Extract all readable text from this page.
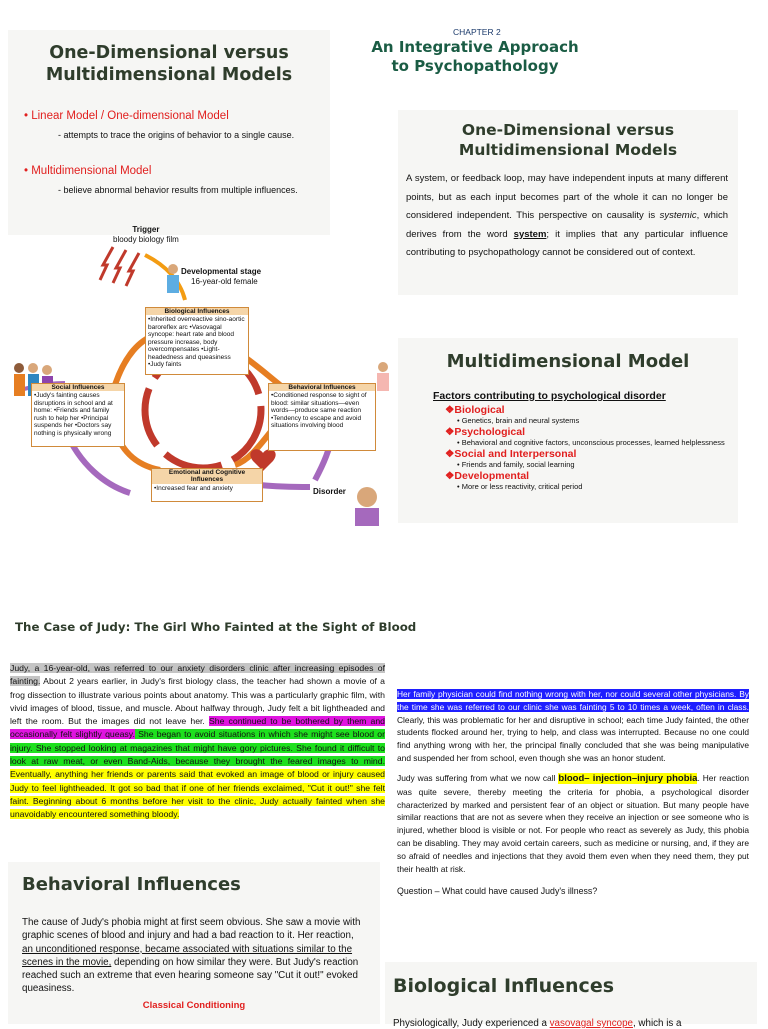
One-Dimensional versus
Multidimensional Models
• Linear Model / One-dimensional Model
- attempts to trace the origins of behavior to a single cause.
• Multidimensional Model
- believe abnormal behavior results from multiple influences.
CHAPTER 2
An Integrative Approach
to Psychopathology
One-Dimensional versus
Multidimensional Models
A system, or feedback loop, may have independent inputs at many different points, but as each input becomes part of the whole it can no longer be considered independent. This perspective on causality is systemic, which derives from the word system; it implies that any particular influence contributing to psychopathology cannot be considered out of context.
Trigger
bloody biology film
Developmental stage
16-year-old female
Biological Influences
•Inherited overreactive sino-aortic baroreflex arc •Vasovagal syncope: heart rate and blood pressure increase, body overcompensates •Light-headedness and queasiness •Judy faints
Social Influences
•Judy's fainting causes disruptions in school and at home: •Friends and family rush to help her •Principal suspends her •Doctors say nothing is physically wrong
Behavioral Influences
•Conditioned response to sight of blood: similar situations—even words—produce same reaction •Tendency to escape and avoid situations involving blood
Emotional and Cognitive Influences
•Increased fear and anxiety	Disorder
Multidimensional Model
Factors contributing to psychological disorder
❖Biological
• Genetics, brain and neural systems
❖Psychological
• Behavioral and cognitive factors, unconscious processes, learned helplessness
❖Social and Interpersonal
• Friends and family, social learning
❖Developmental
• More or less reactivity, critical period
The Case of Judy: The Girl Who Fainted at the Sight of Blood
Judy, a 16-year-old, was referred to our anxiety disorders clinic after increasing episodes of fainting. About 2 years earlier, in Judy's first biology class, the teacher had shown a movie of a frog dissection to illustrate various points about anatomy. This was a particularly graphic film, with vivid images of blood, tissue, and muscle. About halfway through, Judy felt a bit lightheaded and left the room. But the images did not leave her. She continued to be bothered by them and occasionally felt slightly queasy. She began to avoid situations in which she might see blood or injury. She stopped looking at magazines that might have gory pictures. She found it difficult to look at raw meat, or even Band-Aids, because they brought the feared images to mind. Eventually, anything her friends or parents said that evoked an image of blood or injury caused Judy to feel lightheaded. It got so bad that if one of her friends exclaimed, "Cut it out!" she felt faint. Beginning about 6 months before her visit to the clinic, Judy actually fainted when she unavoidably encountered something bloody.
Her family physician could find nothing wrong with her, nor could several other physicians. By the time she was referred to our clinic she was fainting 5 to 10 times a week, often in class. Clearly, this was problematic for her and disruptive in school; each time Judy fainted, the other students flocked around her, trying to help, and class was interrupted. Because no one could find anything wrong with her, the principal finally concluded that she was being manipulative and suspended her from school, even though she was an honor student.
Judy was suffering from what we now call blood– injection–injury phobia. Her reaction was quite severe, thereby meeting the criteria for phobia, a psychological disorder characterized by marked and persistent fear of an object or situation. But many people have similar reactions that are not as severe when they receive an injection or see someone who is injured, whether blood is visible or not. For people who react as severely as Judy, this phobia can be disabling. They may avoid certain careers, such as medicine or nursing, and, if they are so afraid of needles and injections that they avoid them even when they need them, they put their health at risk.
Question – What could have caused Judy's illness?
Behavioral Influences
The cause of Judy's phobia might at first seem obvious. She saw a movie with graphic scenes of blood and injury and had a bad reaction to it. Her reaction, an unconditioned response, became associated with situations similar to the scenes in the movie, depending on how similar they were. But Judy's reaction reached such an extreme that even hearing someone say "Cut it out!" evoked queasiness.
Classical Conditioning
Biological Influences
Physiologically, Judy experienced a vasovagal syncope, which is a
